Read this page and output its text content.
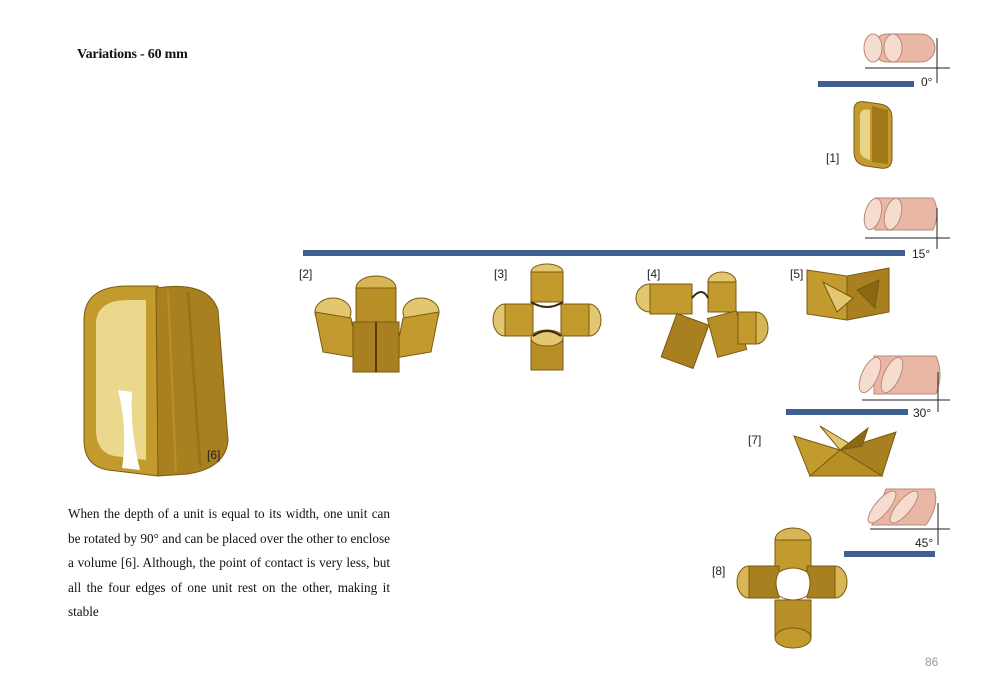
Variations - 60 mm
0°
[1]
15°
[2]	[3]	[4]	[5]
[6]
30°
[7]
45°
[8]
When the depth of a unit is equal to its width, one unit can be rotated by 90° and can be placed over the other to enclose a volume [6]. Although, the point of contact is very less, but all the four edges of one unit rest on the other, making it stable
86
